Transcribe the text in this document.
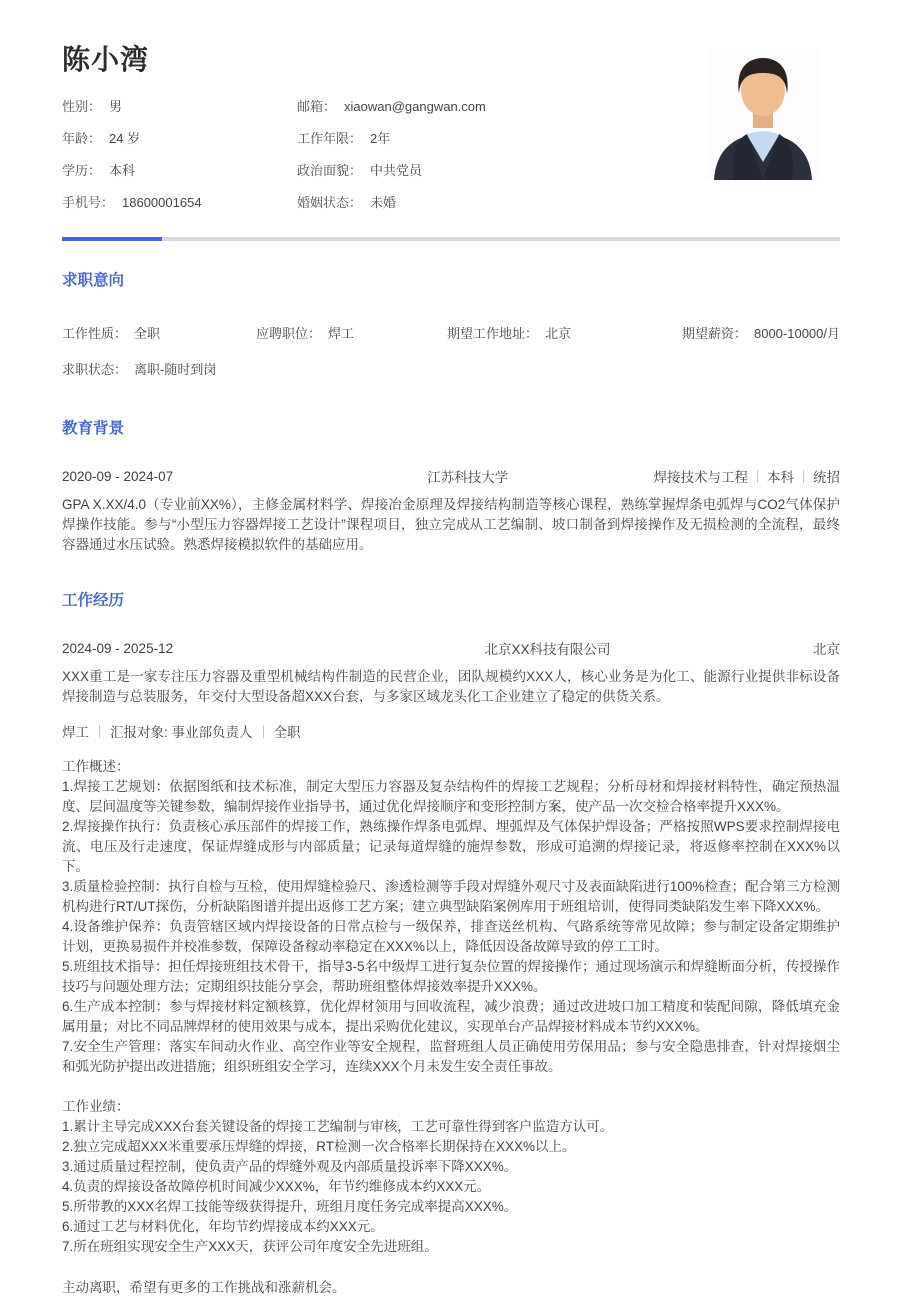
陈小湾
性别： 男	邮箱： xiaowan@gangwan.com
年龄： 24 岁	工作年限： 2年
学历： 本科	政治面貌： 中共党员
手机号： 18600001654	婚姻状态： 未婚
求职意向
工作性质： 全职	应聘职位： 焊工	期望工作地址： 北京	期望薪资： 8000-10000/月
求职状态： 离职-随时到岗
教育背景
2020-09 - 2024-07	江苏科技大学	焊接技术与工程 本科 统招

GPA X.XX/4.0（专业前XX%），主修金属材料学、焊接冶金原理及焊接结构制造等核心课程，熟练掌握焊条电弧焊与CO2气体保护焊操作技能。参与“小型压力容器焊接工艺设计”课程项目，独立完成从工艺编制、坡口制备到焊接操作及无损检测的全流程，最终容器通过水压试验。熟悉焊接模拟软件的基础应用。

工作经历
2024-09 - 2025-12	北京XX科技有限公司	北京

XXX重工是一家专注压力容器及重型机械结构件制造的民营企业，团队规模约XXX人，核心业务是为化工、能源行业提供非标设备焊接制造与总装服务，年交付大型设备超XXX台套，与多家区域龙头化工企业建立了稳定的供货关系。

焊工 汇报对象: 事业部负责人 全职
工作概述：

1.焊接工艺规划：依据图纸和技术标准，制定大型压力容器及复杂结构件的焊接工艺规程；分析母材和焊接材料特性，确定预热温度、层间温度等关键参数，编制焊接作业指导书，通过优化焊接顺序和变形控制方案，使产品一次交检合格率提升XXX%。

2.焊接操作执行：负责核心承压部件的焊接工作，熟练操作焊条电弧焊、埋弧焊及气体保护焊设备；严格按照WPS要求控制焊接电流、电压及行走速度，保证焊缝成形与内部质量；记录每道焊缝的施焊参数，形成可追溯的焊接记录，将返修率控制在XXX%以下。

3.质量检验控制：执行自检与互检，使用焊缝检验尺、渗透检测等手段对焊缝外观尺寸及表面缺陷进行100%检查；配合第三方检测机构进行RT/UT探伤，分析缺陷图谱并提出返修工艺方案；建立典型缺陷案例库用于班组培训，使得同类缺陷发生率下降XXX%。

4.设备维护保养：负责管辖区域内焊接设备的日常点检与一级保养，排查送丝机构、气路系统等常见故障；参与制定设备定期维护计划，更换易损件并校准参数，保障设备稼动率稳定在XXX%以上，降低因设备故障导致的停工工时。

5.班组技术指导：担任焊接班组技术骨干，指导3-5名中级焊工进行复杂位置的焊接操作；通过现场演示和焊缝断面分析，传授操作技巧与问题处理方法；定期组织技能分享会，帮助班组整体焊接效率提升XXX%。

6.生产成本控制：参与焊接材料定额核算，优化焊材领用与回收流程，减少浪费；通过改进坡口加工精度和装配间隙，降低填充金属用量；对比不同品牌焊材的使用效果与成本，提出采购优化建议，实现单台产品焊接材料成本节约XXX%。

7.安全生产管理：落实车间动火作业、高空作业等安全规程，监督班组人员正确使用劳保用品；参与安全隐患排查，针对焊接烟尘和弧光防护提出改进措施；组织班组安全学习，连续XXX个月未发生安全责任事故。

工作业绩：

1.累计主导完成XXX台套关键设备的焊接工艺编制与审核，工艺可靠性得到客户监造方认可。

2.独立完成超XXX米重要承压焊缝的焊接，RT检测一次合格率长期保持在XXX%以上。

3.通过质量过程控制，使负责产品的焊缝外观及内部质量投诉率下降XXX%。

4.负责的焊接设备故障停机时间减少XXX%，年节约维修成本约XXX元。

5.所带教的XXX名焊工技能等级获得提升，班组月度任务完成率提高XXX%。

6.通过工艺与材料优化，年均节约焊接成本约XXX元。

7.所在班组实现安全生产XXX天，获评公司年度安全先进班组。

主动离职，希望有更多的工作挑战和涨薪机会。
